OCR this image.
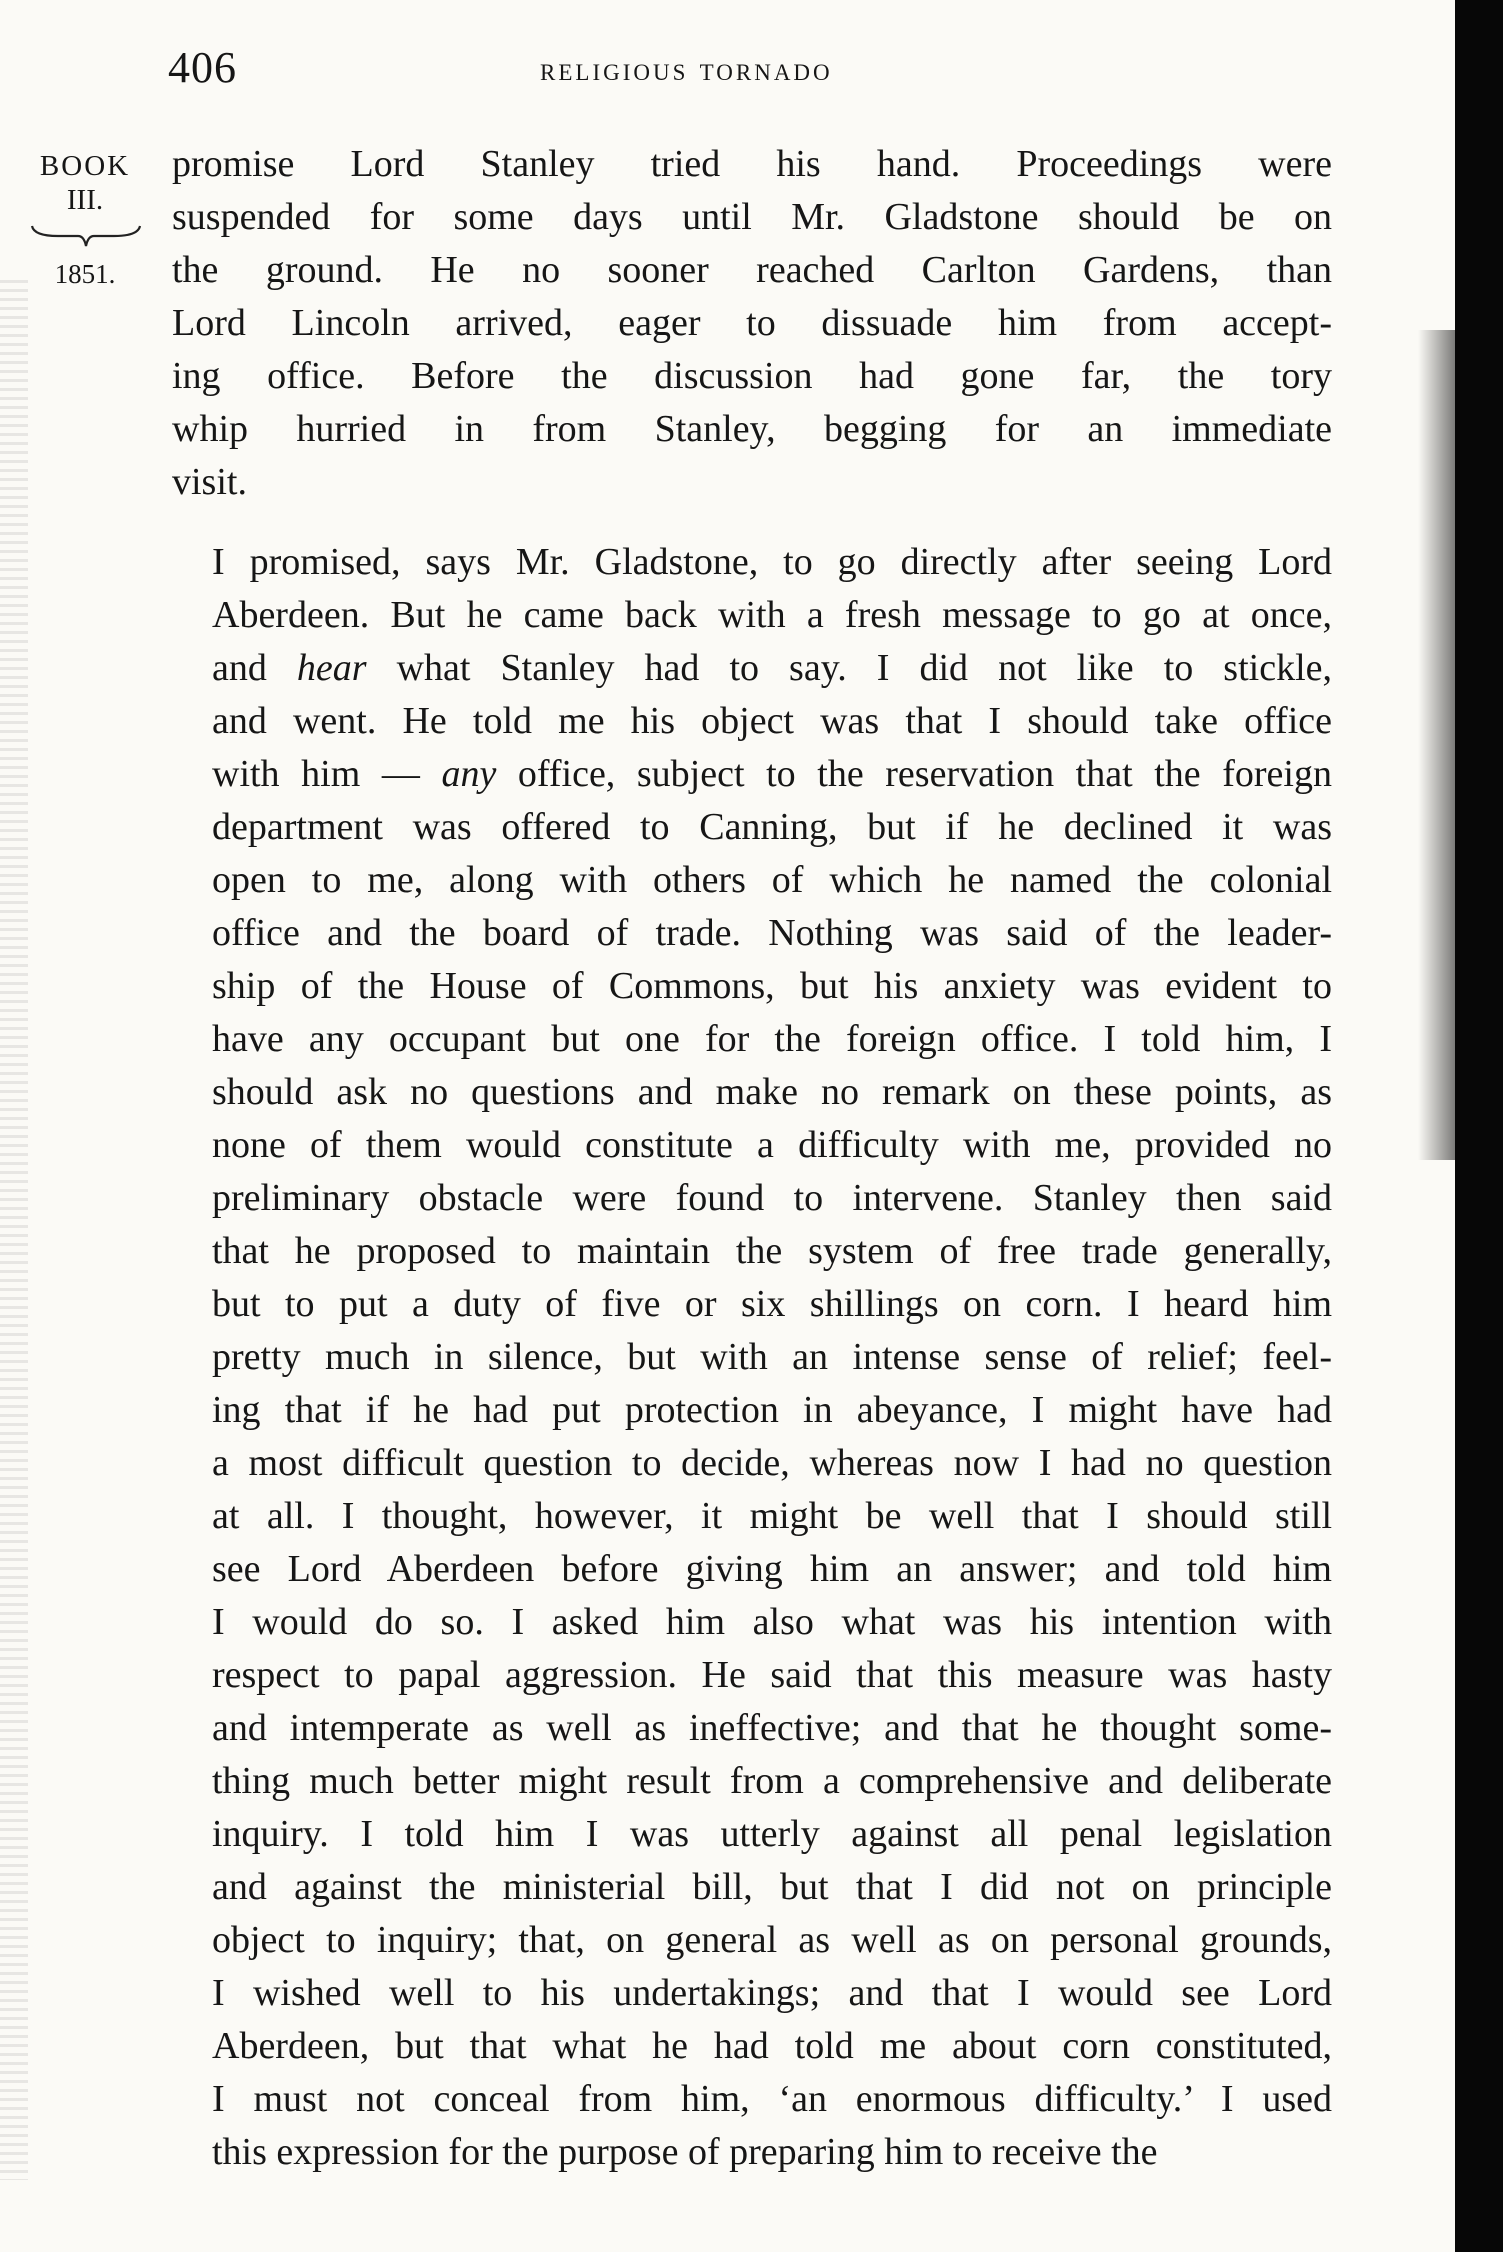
406	religious tornado
BOOK
III.
1851.
promise Lord Stanley tried his hand. Proceedings were
suspended for some days until Mr. Gladstone should be on
the ground. He no sooner reached Carlton Gardens, than
Lord Lincoln arrived, eager to dissuade him from accept-
ing office. Before the discussion had gone far, the tory
whip hurried in from Stanley, begging for an immediate
visit.
I promised, says Mr. Gladstone, to go directly after seeing Lord
Aberdeen. But he came back with a fresh message to go at once,
and hear what Stanley had to say. I did not like to stickle,
and went. He told me his object was that I should take office
with him — any office, subject to the reservation that the foreign
department was offered to Canning, but if he declined it was
open to me, along with others of which he named the colonial
office and the board of trade. Nothing was said of the leader-
ship of the House of Commons, but his anxiety was evident to
have any occupant but one for the foreign office. I told him, I
should ask no questions and make no remark on these points, as
none of them would constitute a difficulty with me, provided no
preliminary obstacle were found to intervene. Stanley then said
that he proposed to maintain the system of free trade generally,
but to put a duty of five or six shillings on corn. I heard him
pretty much in silence, but with an intense sense of relief; feel-
ing that if he had put protection in abeyance, I might have had
a most difficult question to decide, whereas now I had no question
at all. I thought, however, it might be well that I should still
see Lord Aberdeen before giving him an answer; and told him
I would do so. I asked him also what was his intention with
respect to papal aggression. He said that this measure was hasty
and intemperate as well as ineffective; and that he thought some-
thing much better might result from a comprehensive and deliberate
inquiry. I told him I was utterly against all penal legislation
and against the ministerial bill, but that I did not on principle
object to inquiry; that, on general as well as on personal grounds,
I wished well to his undertakings; and that I would see Lord
Aberdeen, but that what he had told me about corn constituted,
I must not conceal from him, ‘an enormous difficulty.’ I used
this expression for the purpose of preparing him to receive the
